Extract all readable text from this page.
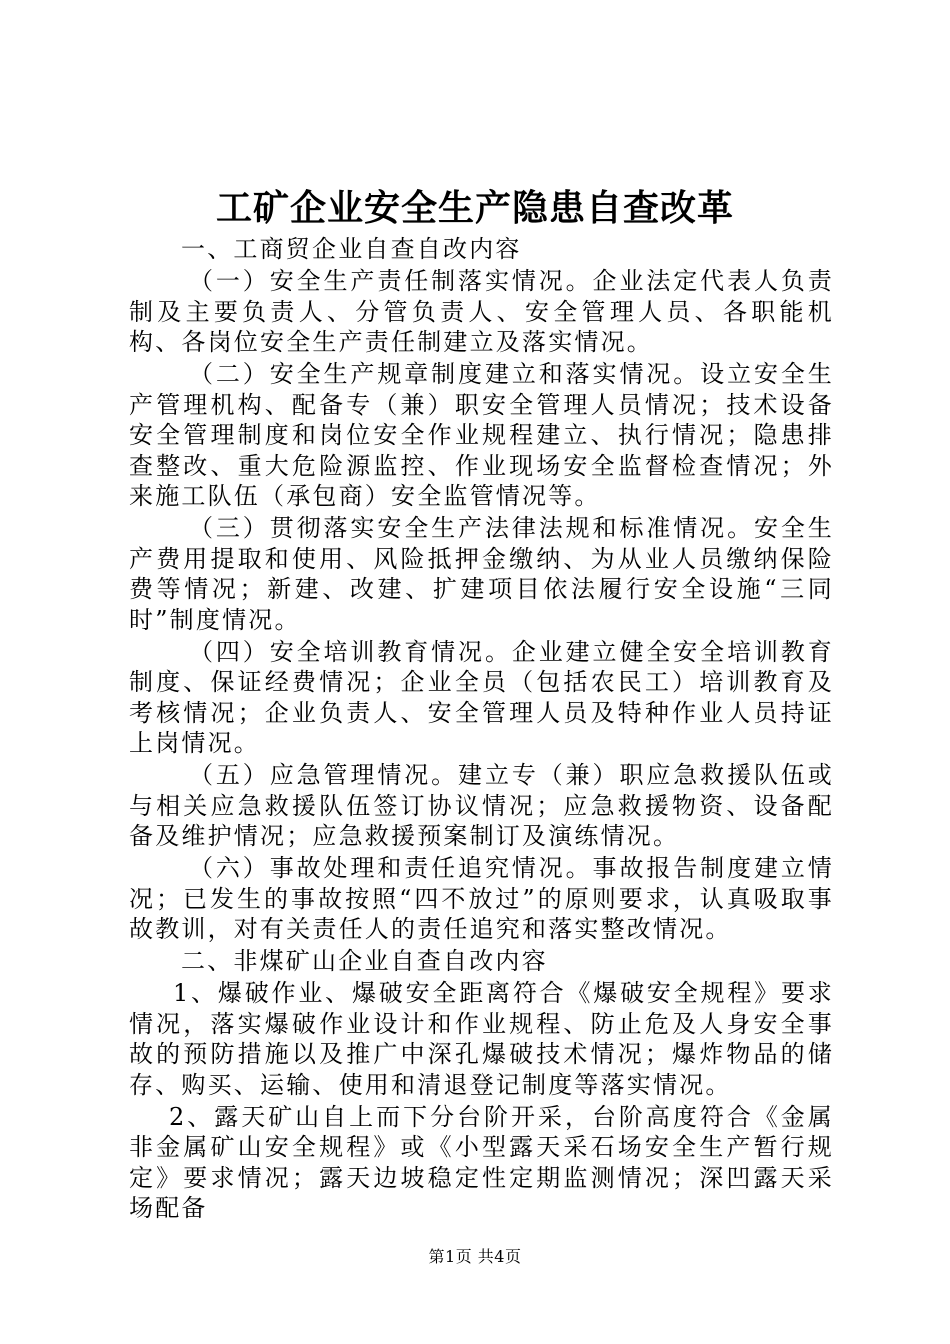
工矿企业安全生产隐患自查改革

一、工商贸企业自查自改内容

（一）安全生产责任制落实情况。企业法定代表人负责制及主要负责人、分管负责人、安全管理人员、各职能机构、各岗位安全生产责任制建立及落实情况。

（二）安全生产规章制度建立和落实情况。设立安全生产管理机构、配备专（兼）职安全管理人员情况；技术设备安全管理制度和岗位安全作业规程建立、执行情况；隐患排查整改、重大危险源监控、作业现场安全监督检查情况；外来施工队伍（承包商）安全监管情况等。

（三）贯彻落实安全生产法律法规和标准情况。安全生产费用提取和使用、风险抵押金缴纳、为从业人员缴纳保险费等情况；新建、改建、扩建项目依法履行安全设施“三同时”制度情况。

（四）安全培训教育情况。企业建立健全安全培训教育制度、保证经费情况；企业全员（包括农民工）培训教育及考核情况；企业负责人、安全管理人员及特种作业人员持证上岗情况。

（五）应急管理情况。建立专（兼）职应急救援队伍或与相关应急救援队伍签订协议情况；应急救援物资、设备配备及维护情况；应急救援预案制订及演练情况。

（六）事故处理和责任追究情况。事故报告制度建立情况；已发生的事故按照“四不放过”的原则要求，认真吸取事故教训，对有关责任人的责任追究和落实整改情况。

二、非煤矿山企业自查自改内容

1、爆破作业、爆破安全距离符合《爆破安全规程》要求情况，落实爆破作业设计和作业规程、防止危及人身安全事故的预防措施以及推广中深孔爆破技术情况；爆炸物品的储存、购买、运输、使用和清退登记制度等落实情况。

2、露天矿山自上而下分台阶开采，台阶高度符合《金属非金属矿山安全规程》或《小型露天采石场安全生产暂行规定》要求情况；露天边坡稳定性定期监测情况；深凹露天采场配备

第1页 共4页
